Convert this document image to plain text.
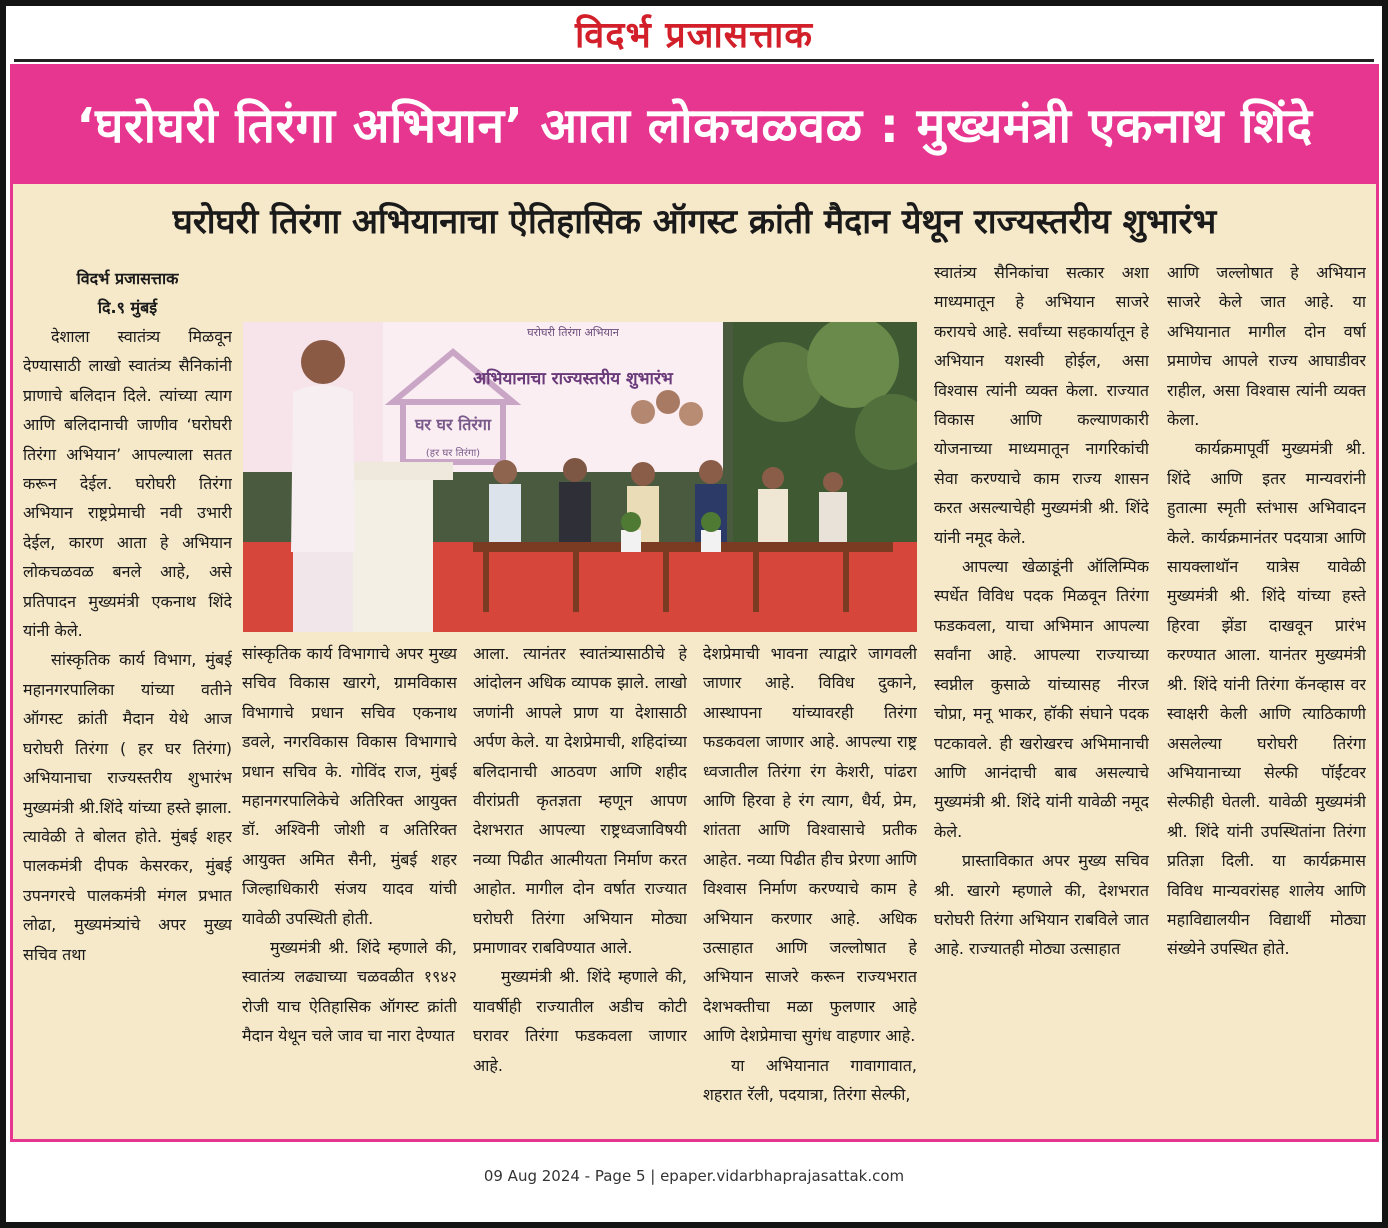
विदर्भ प्रजासत्ताक
‘घरोघरी तिरंगा अभियान’ आता लोकचळवळ : मुख्यमंत्री एकनाथ शिंदे
घरोघरी तिरंगा अभियानाचा ऐतिहासिक ऑगस्ट क्रांती मैदान येथून राज्यस्तरीय शुभारंभ
विदर्भ प्रजासत्ताक
दि.९ मुंबई

देशाला स्वातंत्र्य मिळवून देण्यासाठी लाखो स्वातंत्र्य सैनिकांनी प्राणाचे बलिदान दिले. त्यांच्या त्याग आणि बलिदानाची जाणीव ‘घरोघरी तिरंगा अभियान’ आपल्याला सतत करून देईल. घरोघरी तिरंगा अभियान राष्ट्रप्रेमाची नवी उभारी देईल, कारण आता हे अभियान लोकचळवळ बनले आहे, असे प्रतिपादन मुख्यमंत्री एकनाथ शिंदे यांनी केले.

सांस्कृतिक कार्य विभाग, मुंबई महानगरपालिका यांच्या वतीने ऑगस्ट क्रांती मैदान येथे आज घरोघरी तिरंगा ( हर घर तिरंगा) अभियानाचा राज्यस्तरीय शुभारंभ मुख्यमंत्री श्री.शिंदे यांच्या हस्ते झाला. त्यावेळी ते बोलत होते. मुंबई शहर पालकमंत्री दीपक केसरकर, मुंबई उपनगरचे पालकमंत्री मंगल प्रभात लोढा, मुख्यमंत्र्यांचे अपर मुख्य सचिव तथा

घर घर तिरंगा
(हर घर तिरंगा)
घरोघरी तिरंगा अभियान
अभियानाचा राज्यस्तरीय शुभारंभ

सांस्कृतिक कार्य विभागाचे अपर मुख्य सचिव विकास खारगे, ग्रामविकास विभागाचे प्रधान सचिव एकनाथ डवले, नगरविकास विकास विभागाचे प्रधान सचिव के. गोविंद राज, मुंबई महानगरपालिकेचे अतिरिक्त आयुक्त डॉ. अश्विनी जोशी व अतिरिक्त आयुक्त अमित सैनी, मुंबई शहर जिल्हाधिकारी संजय यादव यांची यावेळी उपस्थिती होती.

मुख्यमंत्री श्री. शिंदे म्हणाले की, स्वातंत्र्य लढ्याच्या चळवळीत १९४२ रोजी याच ऐतिहासिक ऑगस्ट क्रांती मैदान येथून चले जाव चा नारा देण्यात

आला. त्यानंतर स्वातंत्र्यासाठीचे हे आंदोलन अधिक व्यापक झाले. लाखो जणांनी आपले प्राण या देशासाठी अर्पण केले. या देशप्रेमाची, शहिदांच्या बलिदानाची आठवण आणि शहीद वीरांप्रती कृतज्ञता म्हणून आपण देशभरात आपल्या राष्ट्रध्वजाविषयी नव्या पिढीत आत्मीयता निर्माण करत आहोत. मागील दोन वर्षात राज्यात घरोघरी तिरंगा अभियान मोठ्या प्रमाणावर राबविण्यात आले.

मुख्यमंत्री श्री. शिंदे म्हणाले की, यावर्षीही राज्यातील अडीच कोटी घरावर तिरंगा फडकवला जाणार आहे.

देशप्रेमाची भावना त्याद्वारे जागवली जाणार आहे. विविध दुकाने, आस्थापना यांच्यावरही तिरंगा फडकवला जाणार आहे. आपल्या राष्ट्र ध्वजातील तिरंगा रंग केशरी, पांढरा आणि हिरवा हे रंग त्याग, धैर्य, प्रेम, शांतता आणि विश्वासाचे प्रतीक आहेत. नव्या पिढीत हीच प्रेरणा आणि विश्वास निर्माण करण्याचे काम हे अभियान करणार आहे. अधिक उत्साहात आणि जल्लोषात हे अभियान साजरे करून राज्यभरात देशभक्तीचा मळा फुलणार आहे आणि देशप्रेमाचा सुगंध वाहणार आहे.

या अभियानात गावागावात, शहरात रॅली, पदयात्रा, तिरंगा सेल्फी,

स्वातंत्र्य सैनिकांचा सत्कार अशा माध्यमातून हे अभियान साजरे करायचे आहे. सर्वांच्या सहकार्यातून हे अभियान यशस्वी होईल, असा विश्वास त्यांनी व्यक्त केला. राज्यात विकास आणि कल्याणकारी योजनाच्या माध्यमातून नागरिकांची सेवा करण्याचे काम राज्य शासन करत असल्याचेही मुख्यमंत्री श्री. शिंदे यांनी नमूद केले.

आपल्या खेळाडूंनी ऑलिम्पिक स्पर्धेत विविध पदक मिळवून तिरंगा फडकवला, याचा अभिमान आपल्या सर्वांना आहे. आपल्या राज्याच्या स्वप्नील कुसाळे यांच्यासह नीरज चोप्रा, मनू भाकर, हॉकी संघाने पदक पटकावले. ही खरोखरच अभिमानाची आणि आनंदाची बाब असल्याचे मुख्यमंत्री श्री. शिंदे यांनी यावेळी नमूद केले.

प्रास्ताविकात अपर मुख्य सचिव श्री. खारगे म्हणाले की, देशभरात घरोघरी तिरंगा अभियान राबविले जात आहे. राज्यातही मोठ्या उत्साहात

आणि जल्लोषात हे अभियान साजरे केले जात आहे. या अभियानात मागील दोन वर्षा प्रमाणेच आपले राज्य आघाडीवर राहील, असा विश्वास त्यांनी व्यक्त केला.

कार्यक्रमापूर्वी मुख्यमंत्री श्री. शिंदे आणि इतर मान्यवरांनी हुतात्मा स्मृती स्तंभास अभिवादन केले. कार्यक्रमानंतर पदयात्रा आणि सायक्लाथॉन यात्रेस यावेळी मुख्यमंत्री श्री. शिंदे यांच्या हस्ते हिरवा झेंडा दाखवून प्रारंभ करण्यात आला. यानंतर मुख्यमंत्री श्री. शिंदे यांनी तिरंगा कॅनव्हास वर स्वाक्षरी केली आणि त्याठिकाणी असलेल्या घरोघरी तिरंगा अभियानाच्या सेल्फी पॉईंटवर सेल्फीही घेतली. यावेळी मुख्यमंत्री श्री. शिंदे यांनी उपस्थितांना तिरंगा प्रतिज्ञा दिली. या कार्यक्रमास विविध मान्यवरांसह शालेय आणि महाविद्यालयीन विद्यार्थी मोठ्या संख्येने उपस्थित होते.

09 Aug 2024 - Page 5 | epaper.vidarbhaprajasattak.com
